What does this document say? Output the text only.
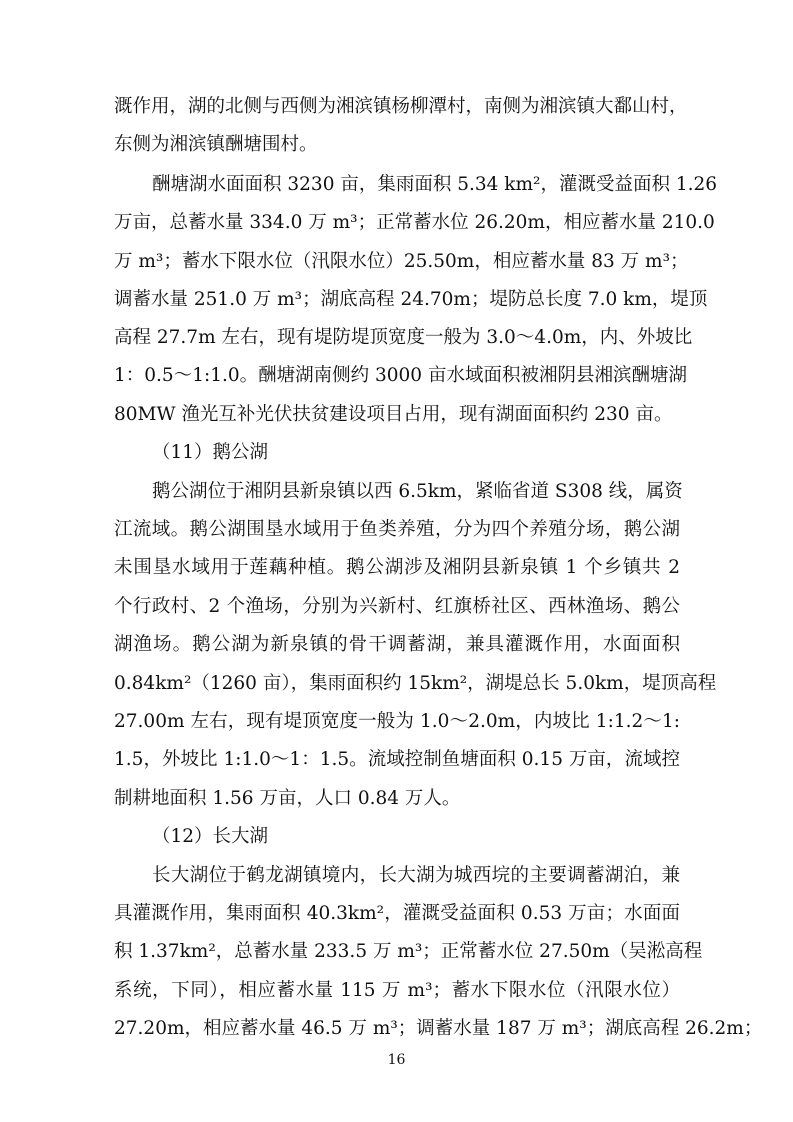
溉作用，湖的北侧与西侧为湘滨镇杨柳潭村，南侧为湘滨镇大鄱山村，
东侧为湘滨镇酬塘围村。
酬塘湖水面面积 3230 亩，集雨面积 5.34 km²，灌溉受益面积 1.26
万亩，总蓄水量 334.0 万 m³；正常蓄水位 26.20m，相应蓄水量 210.0
万 m³；蓄水下限水位（汛限水位）25.50m，相应蓄水量 83 万 m³；
调蓄水量 251.0 万 m³；湖底高程 24.70m；堤防总长度 7.0 km，堤顶
高程 27.7m 左右，现有堤防堤顶宽度一般为 3.0～4.0m，内、外坡比
1：0.5～1:1.0。酬塘湖南侧约 3000 亩水域面积被湘阴县湘滨酬塘湖
80MW 渔光互补光伏扶贫建设项目占用，现有湖面面积约 230 亩。
（11）鹅公湖
鹅公湖位于湘阴县新泉镇以西 6.5km，紧临省道 S308 线，属资
江流域。鹅公湖围垦水域用于鱼类养殖，分为四个养殖分场，鹅公湖
未围垦水域用于莲藕种植。鹅公湖涉及湘阴县新泉镇 1 个乡镇共 2
个行政村、2 个渔场，分别为兴新村、红旗桥社区、西林渔场、鹅公
湖渔场。鹅公湖为新泉镇的骨干调蓄湖，兼具灌溉作用，水面面积
0.84km²（1260 亩），集雨面积约 15km²，湖堤总长 5.0km，堤顶高程
27.00m 左右，现有堤顶宽度一般为 1.0～2.0m，内坡比 1:1.2～1:
1.5，外坡比 1:1.0～1：1.5。流域控制鱼塘面积 0.15 万亩，流域控
制耕地面积 1.56 万亩，人口 0.84 万人。
（12）长大湖
长大湖位于鹤龙湖镇境内，长大湖为城西垸的主要调蓄湖泊，兼
具灌溉作用，集雨面积 40.3km²，灌溉受益面积 0.53 万亩；水面面
积 1.37km²，总蓄水量 233.5 万 m³；正常蓄水位 27.50m（吴淞高程
系统，下同），相应蓄水量 115 万 m³；蓄水下限水位（汛限水位）
27.20m，相应蓄水量 46.5 万 m³；调蓄水量 187 万 m³；湖底高程 26.2m；
16
